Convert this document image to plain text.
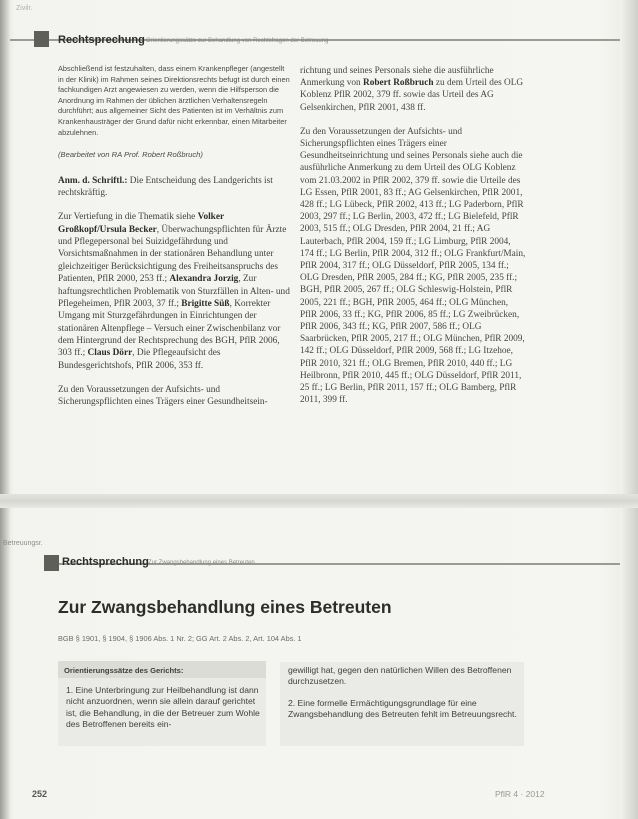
Zivilr.
Rechtsprechung Orientierungssätze zur Behandlung von Rechtsfragen der Betreuung

Abschließend ist festzuhalten, dass einem Krankenpfleger (angestellt in der Klinik) im Rahmen seines Direktionsrechts befugt ist durch einen fachkundigen Arzt angewiesen zu werden, wenn die Hilfsperson die Anordnung im Rahmen der üblichen ärztlichen Verhaltensregeln durchführt; aus allgemeiner Sicht des Patienten ist im Verhältnis zum Krankenhausträger der Grund dafür nicht erkennbar, einen Mitarbeiter abzulehnen.

(Bearbeitet von RA Prof. Robert Roßbruch)

Anm. d. Schriftl.: Die Entscheidung des Landgerichts ist rechtskräftig.

Zur Vertiefung in die Thematik siehe Volker Großkopf/Ursula Becker, Überwachungspflichten für Ärzte und Pflegepersonal bei Suizidgefährdung und Vorsichtsmaßnahmen in der stationären Behandlung unter gleichzeitiger Berücksichtigung des Freiheitsanspruchs des Patienten, PflR 2000, 253 ff.; Alexandra Jorzig, Zur haftungsrechtlichen Problematik von Sturzfällen in Alten- und Pflegeheimen, PflR 2003, 37 ff.; Brigitte Süß, Korrekter Umgang mit Sturzgefährdungen in Einrichtungen der stationären Altenpflege – Versuch einer Zwischenbilanz vor dem Hintergrund der Rechtsprechung des BGH, PflR 2006, 303 ff.; Claus Dörr, Die Pflegeaufsicht des Bundesgerichtshofs, PflR 2006, 353 ff.

Zu den Voraussetzungen der Aufsichts- und Sicherungspflichten eines Trägers einer Gesundheitsein-

richtung und seines Personals siehe die ausführliche Anmerkung von Robert Roßbruch zu dem Urteil des OLG Koblenz PflR 2002, 379 ff. sowie das Urteil des AG Gelsenkirchen, PflR 2001, 438 ff.

Zu den Voraussetzungen der Aufsichts- und Sicherungspflichten eines Trägers einer Gesundheitseinrichtung und seines Personals siehe auch die ausführliche Anmerkung zu dem Urteil des OLG Koblenz vom 21.03.2002 in PflR 2002, 379 ff. sowie die Urteile des LG Essen, PflR 2001, 83 ff.; AG Gelsenkirchen, PflR 2001, 428 ff.; LG Lübeck, PflR 2002, 413 ff.; LG Paderborn, PflR 2003, 297 ff.; LG Berlin, 2003, 472 ff.; LG Bielefeld, PflR 2003, 515 ff.; OLG Dresden, PflR 2004, 21 ff.; AG Lauterbach, PflR 2004, 159 ff.; LG Limburg, PflR 2004, 174 ff.; LG Berlin, PflR 2004, 312 ff.; OLG Frankfurt/Main, PflR 2004, 317 ff.; OLG Düsseldorf, PflR 2005, 134 ff.; OLG Dresden, PflR 2005, 284 ff.; KG, PflR 2005, 235 ff.; BGH, PflR 2005, 267 ff.; OLG Schleswig-Holstein, PflR 2005, 221 ff.; BGH, PflR 2005, 464 ff.; OLG München, PflR 2006, 33 ff.; KG, PflR 2006, 85 ff.; LG Zweibrücken, PflR 2006, 343 ff.; KG, PflR 2007, 586 ff.; OLG Saarbrücken, PflR 2005, 217 ff.; OLG München, PflR 2009, 142 ff.; OLG Düsseldorf, PflR 2009, 568 ff.; LG Itzehoe, PflR 2010, 321 ff.; OLG Bremen, PflR 2010, 440 ff.; LG Heilbronn, PflR 2010, 445 ff.; OLG Düsseldorf, PflR 2011, 25 ff.; LG Berlin, PflR 2011, 157 ff.; OLG Bamberg, PflR 2011, 399 ff.

Betreuungsr.
Rechtsprechung Zur Zwangsbehandlung eines Betreuten
Zur Zwangsbehandlung eines Betreuten
BGB § 1901, § 1904, § 1906 Abs. 1 Nr. 2; GG Art. 2 Abs. 2, Art. 104 Abs. 1
Orientierungssätze des Gerichts:
1. Eine Unterbringung zur Heilbehandlung ist dann nicht anzuordnen, wenn sie allein darauf gerichtet ist, die Behandlung, in die der Betreuer zum Wohle des Betroffenen bereits ein-

gewilligt hat, gegen den natürlichen Willen des Betroffenen durchzusetzen.

2. Eine formelle Ermächtigungsgrundlage für eine Zwangsbehandlung des Betreuten fehlt im Betreuungsrecht.

252	PflR 4 · 2012
